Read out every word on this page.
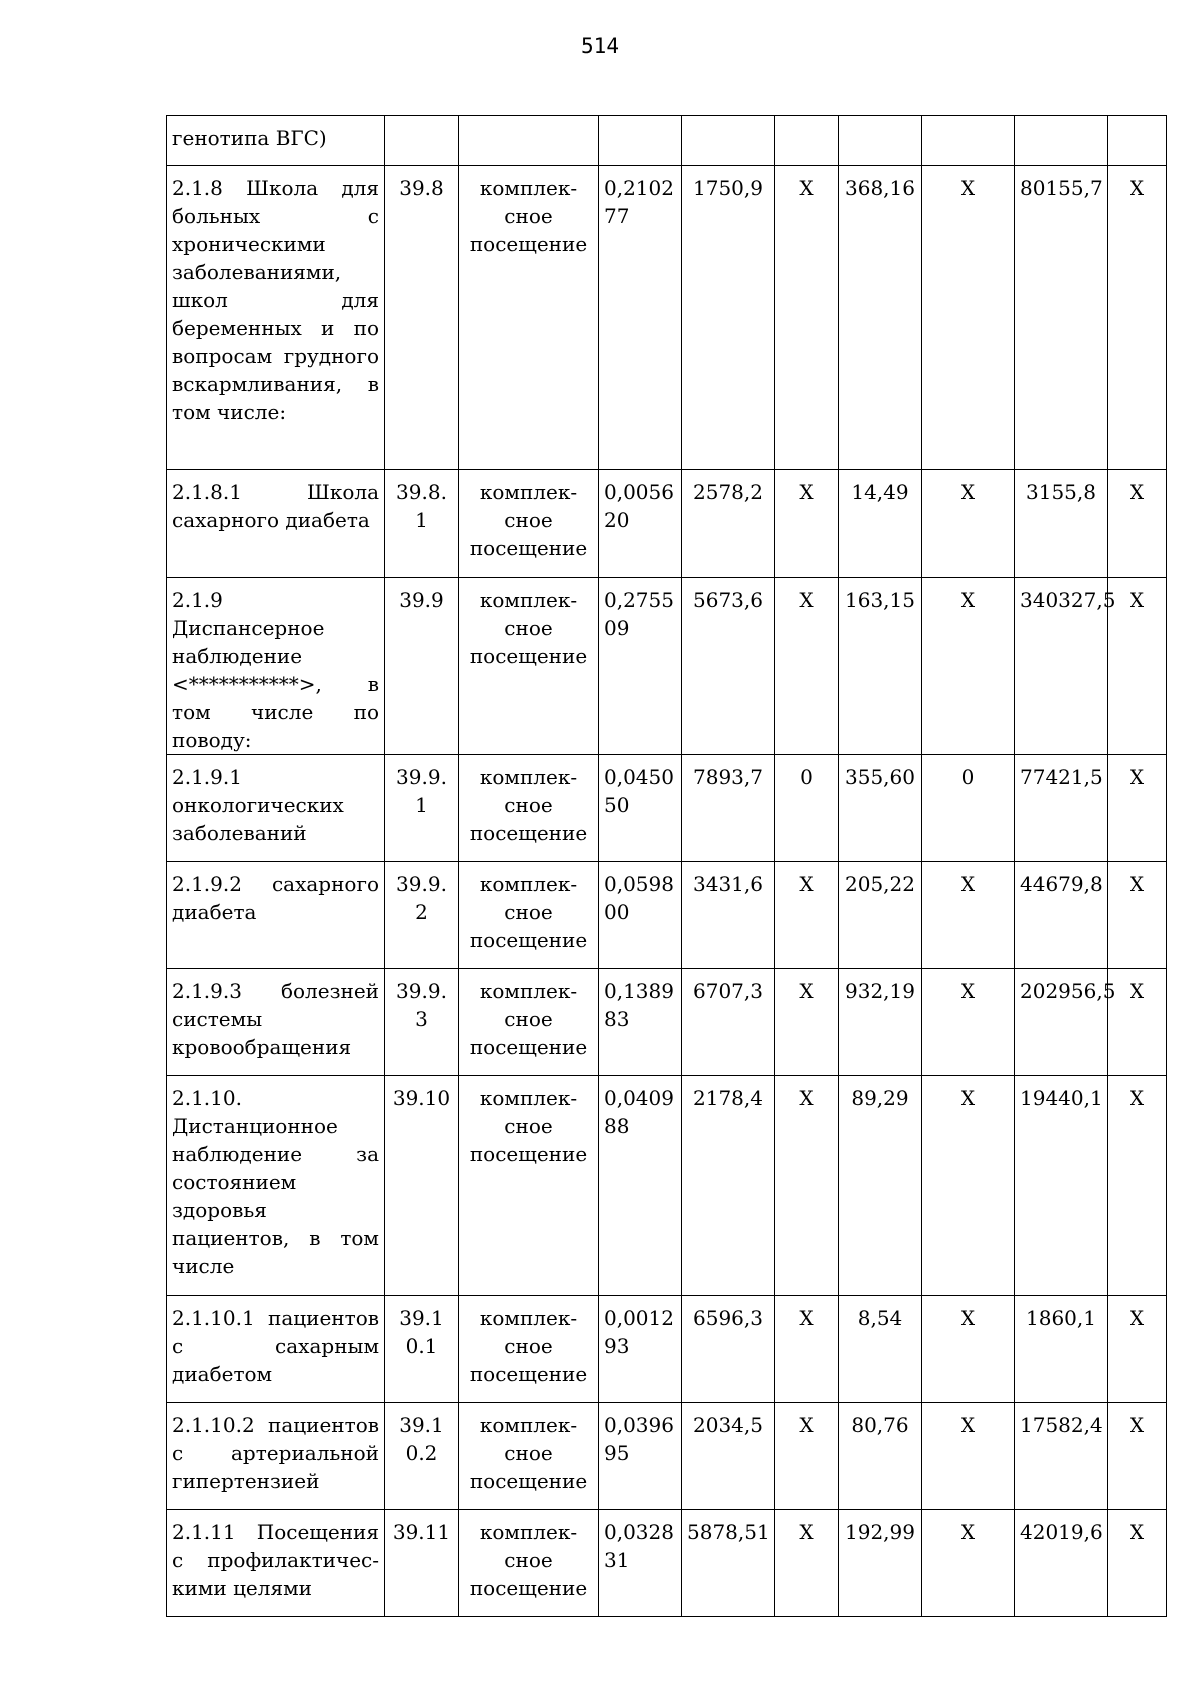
514
генотипа ВГС)									
2.1.8 Школа для больных с хроническими заболеваниями, школ для беременных и по вопросам грудного вскармливания, в том числе:	39.8	комплек-сное посещение	0,210277	1750,9	Х	368,16	Х	80155,7	Х
2.1.8.1 Школа сахарного диабета	39.8.1	комплек-сное посещение	0,005620	2578,2	Х	14,49	Х	3155,8	Х
2.1.9 Диспансерное наблюдение <***********>, в том числе по поводу:	39.9	комплек-сное посещение	0,275509	5673,6	Х	163,15	Х	340327,5	Х
2.1.9.1 онкологических заболеваний	39.9.1	комплек-сное посещение	0,045050	7893,7	0	355,60	0	77421,5	Х
2.1.9.2 сахарного диабета	39.9.2	комплек-сное посещение	0,059800	3431,6	Х	205,22	Х	44679,8	Х
2.1.9.3 болезней системы кровообращения	39.9.3	комплек-сное посещение	0,138983	6707,3	Х	932,19	Х	202956,5	Х
2.1.10. Дистанционное наблюдение за состоянием здоровья пациентов, в том числе	39.10	комплек-сное посещение	0,040988	2178,4	Х	89,29	Х	19440,1	Х
2.1.10.1 пациентов с сахарным диабетом	39.10.1	комплек-сное посещение	0,001293	6596,3	Х	8,54	Х	1860,1	Х
2.1.10.2 пациентов с артериальной гипертензией	39.10.2	комплек-сное посещение	0,039695	2034,5	Х	80,76	Х	17582,4	Х
2.1.11 Посещения с профилактичес-кими целями	39.11	комплек-сное посещение	0,032831	5878,51	Х	192,99	Х	42019,6	Х
